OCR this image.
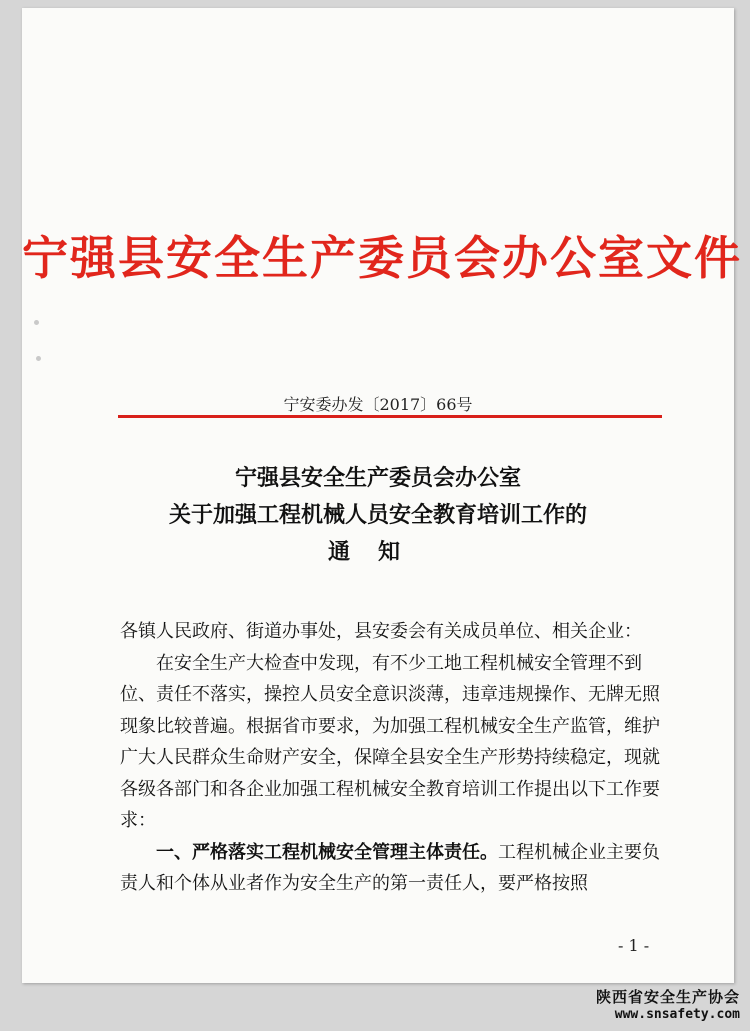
宁强县安全生产委员会办公室文件
宁安委办发〔2017〕66号
宁强县安全生产委员会办公室
关于加强工程机械人员安全教育培训工作的
通知

各镇人民政府、街道办事处，县安委会有关成员单位、相关企业：

在安全生产大检查中发现，有不少工地工程机械安全管理不到位、责任不落实，操控人员安全意识淡薄，违章违规操作、无牌无照现象比较普遍。根据省市要求，为加强工程机械安全生产监管，维护广大人民群众生命财产安全，保障全县安全生产形势持续稳定，现就各级各部门和各企业加强工程机械安全教育培训工作提出以下工作要求：

一、严格落实工程机械安全管理主体责任。工程机械企业主要负责人和个体从业者作为安全生产的第一责任人，要严格按照

- 1 -
陕西省安全生产协会
www.snsafety.com
